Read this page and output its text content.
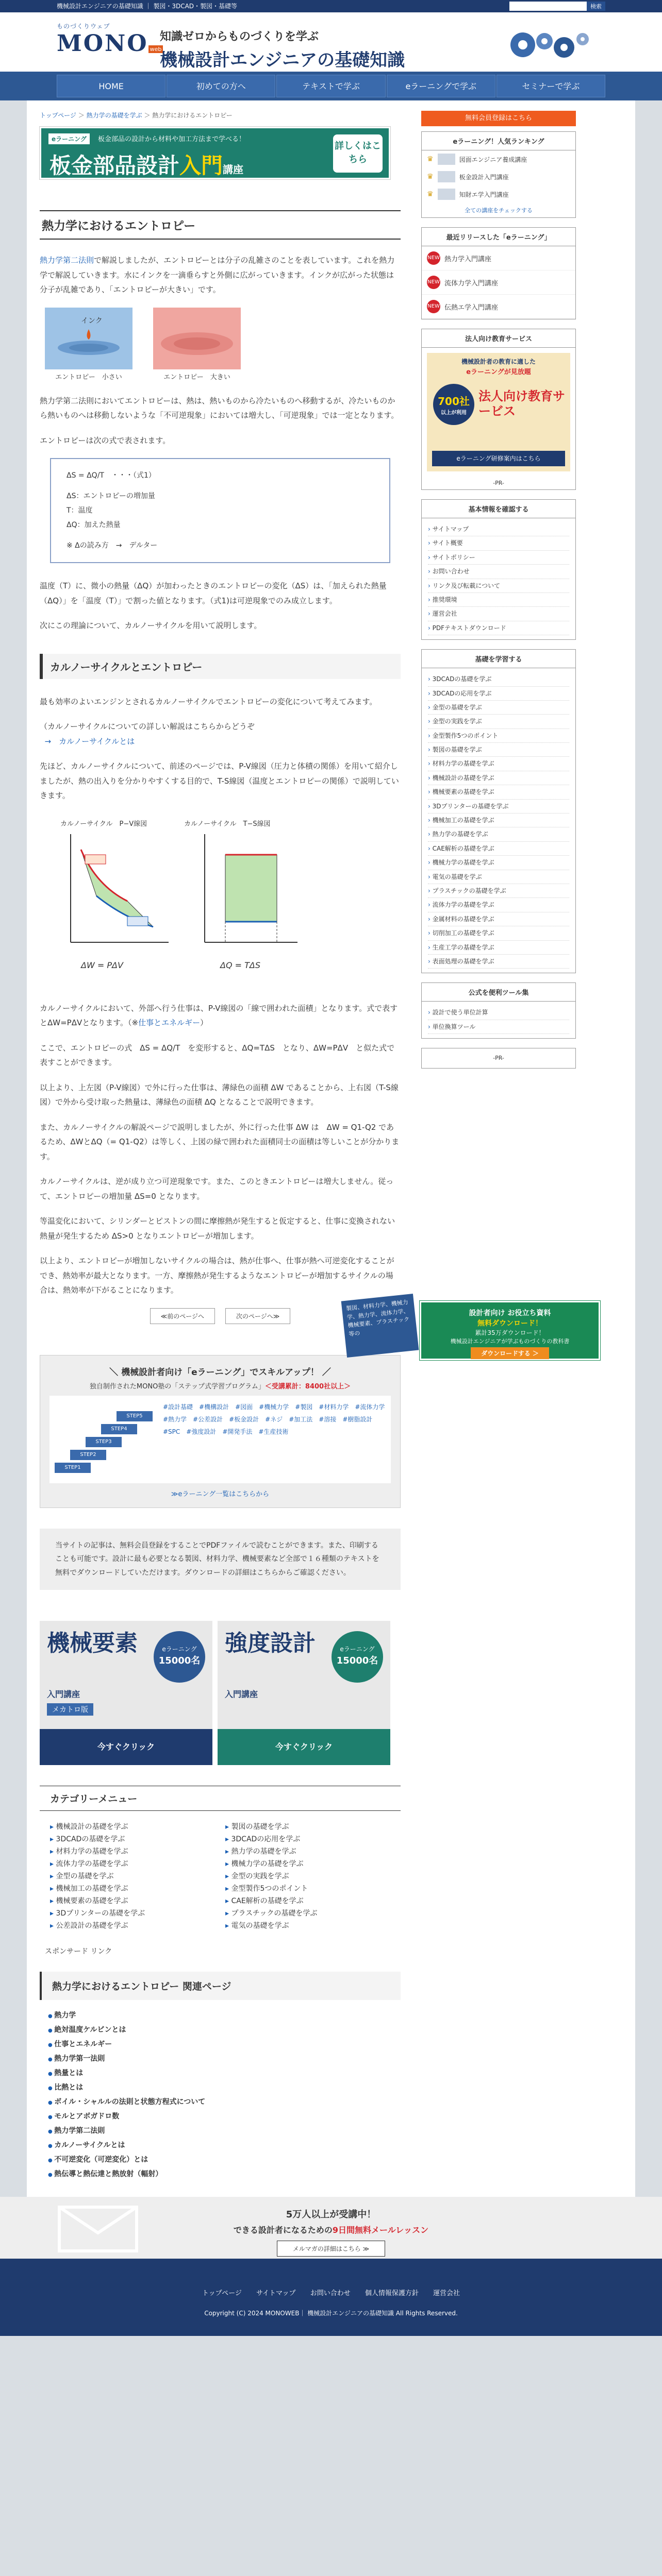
機械設計エンジニアの基礎知識 ｜ 製図・3DCAD・製図・基礎等	検索
ものづくりウェブ
MONO web
知識ゼロからものづくりを学ぶ
機械設計エンジニアの基礎知識
HOME	初めての方へ	テキストで学ぶ	eラーニングで学ぶ	セミナーで学ぶ
トップページ ＞ 熱力学の基礎を学ぶ ＞ 熱力学におけるエントロピー
eラーニング	板金部品の設計から材料や加工方法まで学べる！
板金部品設計入門講座
詳しくはこちら
熱力学におけるエントロピー

熱力学第二法則で解説しましたが、エントロピーとは分子の乱雑さのことを表しています。これを熱力学で解説していきます。水にインクを一滴垂らすと外側に広がっていきます。インクが広がった状態は分子が乱雑であり、「エントロピーが大きい」です。

インク
エントロピー　小さい	エントロピー　大きい

熱力学第二法則においてエントロピーは、熱は、熱いものから冷たいものへ移動するが、冷たいものから熱いものへは移動しないような「不可逆現象」においては増大し、「可逆現象」では一定となります。

エントロピーは次の式で表されます。

ΔS = ΔQ/T　・・・（式1）
ΔS：エントロピーの増加量
T：温度
ΔQ：加えた熱量
※ Δの読み方　→　デルター

温度（T）に、微小の熱量（ΔQ）が加わったときのエントロピーの変化（ΔS）は、「加えられた熱量（ΔQ）」を「温度（T）」で割った値となります。（式1)は可逆現象でのみ成立します。

次にこの理論について、カルノーサイクルを用いて説明します。

カルノーサイクルとエントロピー

最も効率のよいエンジンとされるカルノーサイクルでエントロピーの変化について考えてみます。

（カルノーサイクルについての詳しい解説はこちらからどうぞ
→　カルノーサイクルとは

先ほど、カルノーサイクルについて、前述のページでは、P-V線図（圧力と体積の関係）を用いて紹介しましたが、熱の出入りを分かりやすくする目的で、T-S線図（温度とエントロピーの関係）で説明していきます。

カルノーサイクル　P−V線図	カルノーサイクル　T−S線図
ΔW = PΔV	ΔQ = TΔS

カルノーサイクルにおいて、外部へ行う仕事は、P-V線図の「線で囲われた面積」となります。式で表すとΔW=PΔVとなります。（※仕事とエネルギー）

ここで、エントロピーの式　ΔS = ΔQ/T　を変形すると、ΔQ=TΔS　となり、ΔW=PΔV　と似た式で表すことができます。

以上より、上左図（P-V線図）で外に行った仕事は、薄緑色の面積 ΔW であることから、上右図（T-S線図）で外から受け取った熱量は、薄緑色の面積 ΔQ となることで説明できます。

また、カルノーサイクルの解説ページで説明しましたが、外に行った仕事 ΔW は　ΔW = Q1-Q2 であるため、ΔWとΔQ（= Q1-Q2）は等しく、上図の緑で囲われた面積同士の面積は等しいことが分かります。

カルノーサイクルは、逆が成り立つ可逆現象です。また、このときエントロピーは増大しません。従って、エントロピーの増加量 ΔS=0 となります。

等温変化において、シリンダーとピストンの間に摩擦熱が発生すると仮定すると、仕事に変換されない熱量が発生するため ΔS>0 となりエントロピーが増加します。

以上より、エントロピーが増加しないサイクルの場合は、熱が仕事へ、仕事が熱へ可逆変化することができ、熱効率が最大となります。一方、摩擦熱が発生するようなエントロピーが増加するサイクルの場合は、熱効率が下がることになります。

≪前のページへ	次のページへ≫
＼ 機械設計者向け「eラーニング」でスキルアップ！ ／
独自制作されたMONO塾の「ステップ式学習プログラム」＜受講累計：8400社以上＞
STEP1
STEP2
STEP3
STEP4
STEP5
#設計基礎　#機構設計　#図面　#機械力学　#製図　#材料力学　#流体力学　#熱力学　#公差設計　#板金設計　#ネジ　#加工法　#溶接　#樹脂設計　#SPC　#強度設計　#開発手法　#生産技術
≫eラーニング一覧はこちらから
当サイトの記事は、無料会員登録をすることでPDFファイルで読むことができます。また、印刷することも可能です。設計に最も必要となる製図、材料力学、機械要素など全部で１６種類のテキストを無料でダウンロードしていただけます。ダウンロードの詳細はこちらからご確認ください。
機械要素
入門講座
メカトロ版
eラーニング
15000名
今すぐクリック
強度設計
入門講座
eラーニング
15000名
今すぐクリック
カテゴリーメニュー
▸ 機械設計の基礎を学ぶ	▸ 製図の基礎を学ぶ
▸ 3DCADの基礎を学ぶ	▸ 3DCADの応用を学ぶ
▸ 材料力学の基礎を学ぶ	▸ 熱力学の基礎を学ぶ
▸ 流体力学の基礎を学ぶ	▸ 機械力学の基礎を学ぶ
▸ 金型の基礎を学ぶ	▸ 金型の実践を学ぶ
▸ 機械加工の基礎を学ぶ	▸ 金型製作5つのポイント
▸ 機械要素の基礎を学ぶ	▸ CAE解析の基礎を学ぶ
▸ 3Dプリンターの基礎を学ぶ	▸ プラスチックの基礎を学ぶ
▸ 公差設計の基礎を学ぶ	▸ 電気の基礎を学ぶ
スポンサード リンク
熱力学におけるエントロピー 関連ページ
● 熱力学
● 絶対温度ケルビンとは
● 仕事とエネルギー
● 熱力学第一法則
● 熱量とは
● 比熱とは
● ボイル・シャルルの法則と状態方程式について
● モルとアボガドロ数
● 熱力学第二法則
● カルノーサイクルとは
● 不可逆変化（可逆変化）とは
● 熱伝導と熱伝達と熱放射（輻射）
無料会員登録はこちら
eラーニング！人気ランキング
♛	図面エンジニア養成講座
♛	板金設計入門講座
♛	知財エ学入門講座
全ての講座をチェックする
最近リリースした「eラーニング」
NEW 熱力学入門講座
NEW 流体力学入門講座
NEW 伝熱エ学入門講座
法人向け教育サービス
機械設計者の教育に適した
eラーニングが見放題
700社
以上が利用
法人向け教育サービス
eラーニング研修案内はこちら
-PR-
基本情報を確認する
› サイトマップ
› サイト概要
› サイトポリシー
› お問い合わせ
› リンク及び転載について
› 推奨環境
› 運営会社
› PDFテキストダウンロード
基礎を学習する
› 3DCADの基礎を学ぶ
› 3DCADの応用を学ぶ
› 金型の基礎を学ぶ
› 金型の実践を学ぶ
› 金型製作5つのポイント
› 製図の基礎を学ぶ
› 材料力学の基礎を学ぶ
› 機械設計の基礎を学ぶ
› 機械要素の基礎を学ぶ
› 3Dプリンターの基礎を学ぶ
› 機械加工の基礎を学ぶ
› 熱力学の基礎を学ぶ
› CAE解析の基礎を学ぶ
› 機械力学の基礎を学ぶ
› 電気の基礎を学ぶ
› プラスチックの基礎を学ぶ
› 流体力学の基礎を学ぶ
› 金属材料の基礎を学ぶ
› 切削加工の基礎を学ぶ
› 生産工学の基礎を学ぶ
› 表面処理の基礎を学ぶ
公式を便利ツール集
› 設計で使う単位計算
› 単位換算ツール
-PR-
製図、材料力学、機械力学、熱力学、流体力学、機械要素、プラスチック等の
設計者向け お役立ち資料
無料ダウンロード！
累計35万ダウンロード！
機械設計エンジニアが学ぶものづくりの教科書
ダウンロードする ＞
5万人以上が受講中！
できる設計者になるための9日間無料メールレッスン
メルマガの詳細はこちら ≫
トップページ サイトマップ お問い合わせ 個人情報保護方針 運営会社
Copyright (C) 2024 MONOWEB｜ 機械設計エンジニアの基礎知識 All Rights Reserved.
